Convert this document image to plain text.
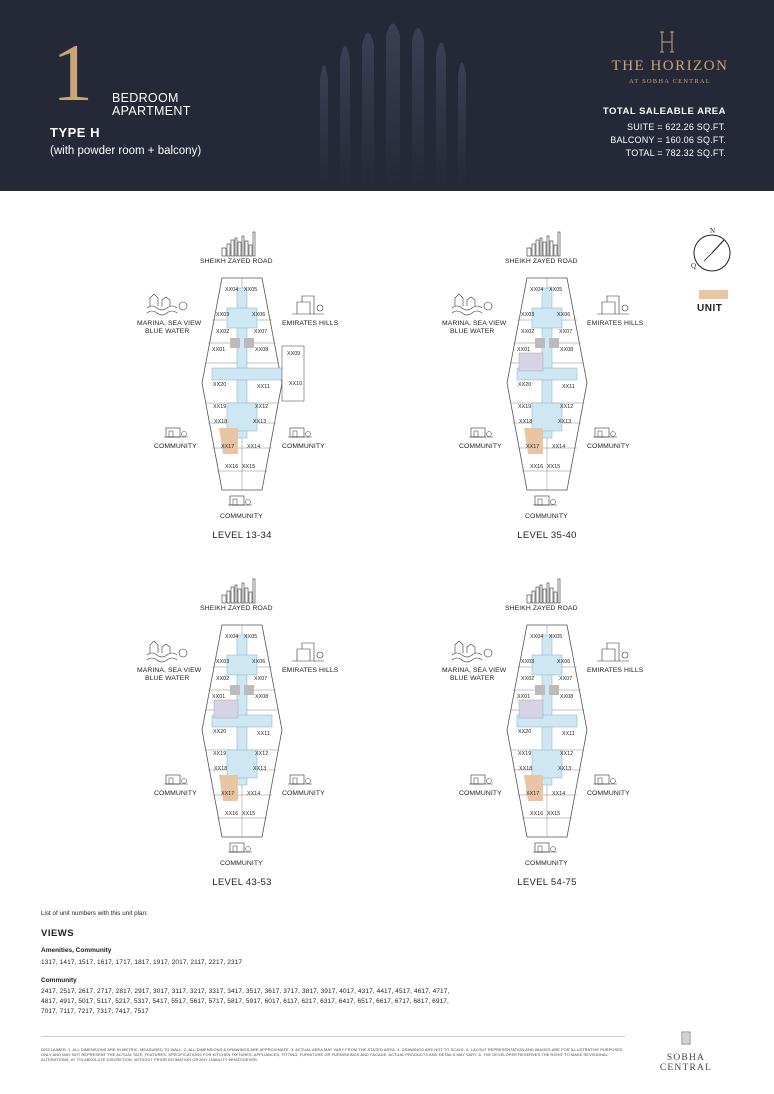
1 BEDROOM
APARTMENT
TYPE H
(with powder room + balcony)
THE HORIZON
AT SOBHA CENTRAL
TOTAL SALEABLE AREA
SUITE = 622.26 SQ.FT.
BALCONY = 160.06 SQ.FT.
TOTAL = 782.32 SQ.FT.
N
Q
UNIT
SHEIKH ZAYED ROAD
MARINA, SEA VIEW
BLUE WATER
EMIRATES HILLS
COMMUNITY	COMMUNITY
COMMUNITY
XX04 XX05
XX03	XX06
XX02	XX07
XX01	XX08
XX20	XX11
XX19	XX12
XX18	XX13
XX17 XX14
XX16 XX15
XX09
XX10
LEVEL 13-34
SHEIKH ZAYED ROAD
MARINA, SEA VIEW
BLUE WATER
EMIRATES HILLS
COMMUNITY	COMMUNITY
COMMUNITY
XX04 XX05
XX03	XX06
XX02	XX07
XX01	XX08
XX20	XX11
XX19	XX12
XX18	XX13
XX17 XX14
XX16 XX15
LEVEL 35-40
SHEIKH ZAYED ROAD
MARINA, SEA VIEW
BLUE WATER
EMIRATES HILLS
COMMUNITY	COMMUNITY
COMMUNITY
XX04 XX05
XX03	XX06
XX02	XX07
XX01	XX08
XX20	XX11
XX19	XX12
XX18	XX13
XX17 XX14
XX16 XX15
LEVEL 43-53
SHEIKH ZAYED ROAD
MARINA, SEA VIEW
BLUE WATER
EMIRATES HILLS
COMMUNITY	COMMUNITY
COMMUNITY
XX04 XX05
XX03	XX06
XX02	XX07
XX01	XX08
XX20	XX11
XX19	XX12
XX18	XX13
XX17 XX14
XX16 XX15
LEVEL 54-75
List of unit numbers with this unit plan:
VIEWS
Amenities, Community
1317, 1417, 1517, 1617, 1717, 1817, 1917, 2017, 2117, 2217, 2317
Community
2417, 2517, 2617, 2717, 2817, 2917, 3017, 3117, 3217, 3317, 3417, 3517, 3617, 3717, 3817, 3917, 4017, 4317, 4417, 4517, 4617, 4717,
4817, 4917, 5017, 5117, 5217, 5317, 5417, 5517, 5617, 5717, 5817, 5917, 6017, 6117, 6217, 6317, 6417, 6517, 6617, 6717, 6817, 6917,
7017, 7117, 7217, 7317, 7417, 7517
DISCLAIMER: 1. ALL DIMENSIONS ARE IN METRIC, MEASURED TO WALL. 2. ALL DIMENSIONS & DRAWINGS ARE APPROXIMATE. 3. ACTUAL AREA MAY VARY FROM THE STATED AREA. 4. DRAWINGS ARE NOT TO SCALE. 5. LAYOUT REPRESENTATION AND IMAGES ARE FOR ILLUSTRATIVE PURPOSES ONLY AND MAY NOT REPRESENT THE ACTUAL SIZE, FEATURES, SPECIFICATIONS FOR KITCHEN FIXTURES, APPLIANCES, FITTING, FURNITURE OR FURNISHINGS AND FACADE. ACTUAL PRODUCTS AND DETAILS MAY VARY. 6. THE DEVELOPER RESERVES THE RIGHT TO MAKE REVISIONAL ALTERATIONS, AT ITS ABSOLUTE DISCRETION, WITHOUT PRIOR INTIMATION OR ANY LIABILITY WHATSOEVER.	SOBHA CENTRAL
